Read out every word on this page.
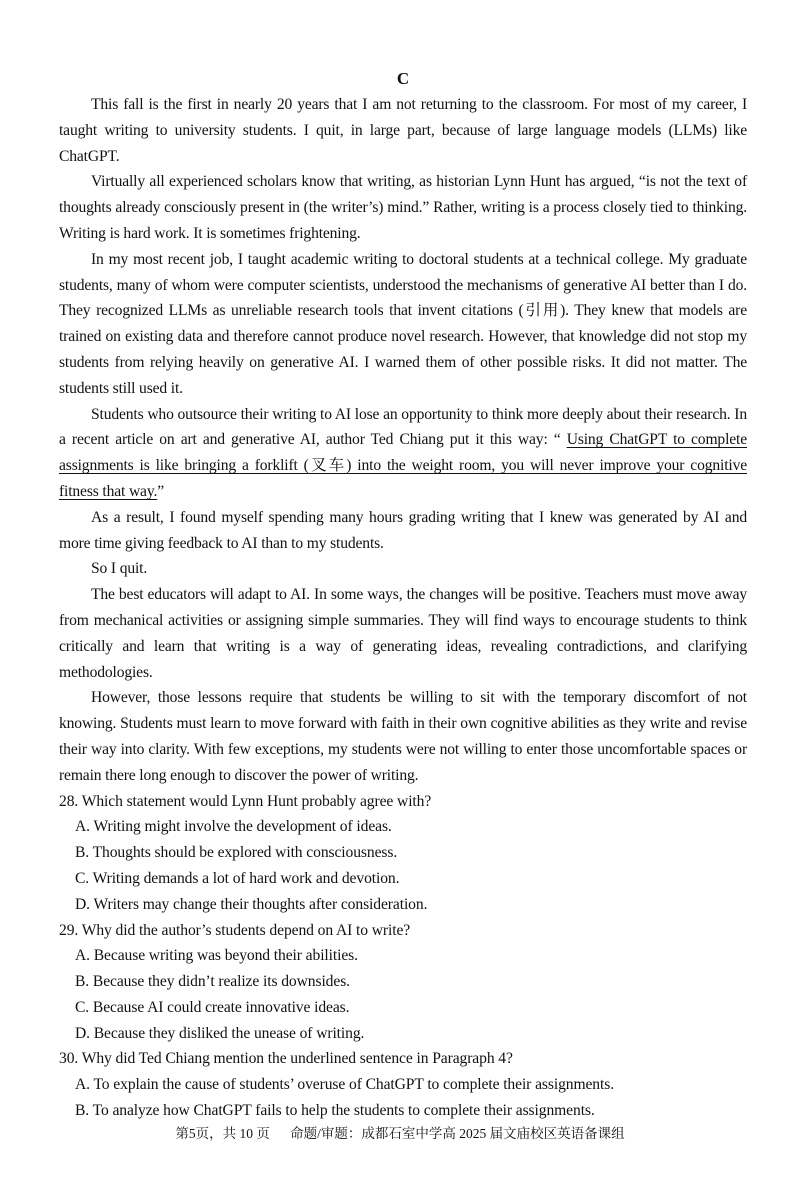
C

This fall is the first in nearly 20 years that I am not returning to the classroom. For most of my career, I taught writing to university students. I quit, in large part, because of large language models (LLMs) like ChatGPT.

Virtually all experienced scholars know that writing, as historian Lynn Hunt has argued, “is not the text of thoughts already consciously present in (the writer’s) mind.” Rather, writing is a process closely tied to thinking. Writing is hard work. It is sometimes frightening.

In my most recent job, I taught academic writing to doctoral students at a technical college. My graduate students, many of whom were computer scientists, understood the mechanisms of generative AI better than I do. They recognized LLMs as unreliable research tools that invent citations (引用). They knew that models are trained on existing data and therefore cannot produce novel research. However, that knowledge did not stop my students from relying heavily on generative AI. I warned them of other possible risks. It did not matter. The students still used it.

Students who outsource their writing to AI lose an opportunity to think more deeply about their research. In a recent article on art and generative AI, author Ted Chiang put it this way: “ Using ChatGPT to complete assignments is like bringing a forklift (叉车) into the weight room, you will never improve your cognitive fitness that way.”

As a result, I found myself spending many hours grading writing that I knew was generated by AI and more time giving feedback to AI than to my students.

So I quit.

The best educators will adapt to AI. In some ways, the changes will be positive. Teachers must move away from mechanical activities or assigning simple summaries. They will find ways to encourage students to think critically and learn that writing is a way of generating ideas, revealing contradictions, and clarifying methodologies.

However, those lessons require that students be willing to sit with the temporary discomfort of not knowing. Students must learn to move forward with faith in their own cognitive abilities as they write and revise their way into clarity. With few exceptions, my students were not willing to enter those uncomfortable spaces or remain there long enough to discover the power of writing.

28. Which statement would Lynn Hunt probably agree with?

A. Writing might involve the development of ideas.

B. Thoughts should be explored with consciousness.

C. Writing demands a lot of hard work and devotion.

D. Writers may change their thoughts after consideration.

29. Why did the author’s students depend on AI to write?

A. Because writing was beyond their abilities.

B. Because they didn’t realize its downsides.

C. Because AI could create innovative ideas.

D. Because they disliked the unease of writing.

30. Why did Ted Chiang mention the underlined sentence in Paragraph 4?

A. To explain the cause of students’ overuse of ChatGPT to complete their assignments.

B. To analyze how ChatGPT fails to help the students to complete their assignments.

第5页，共 10 页 命题/审题：成都石室中学高 2025 届文庙校区英语备课组
